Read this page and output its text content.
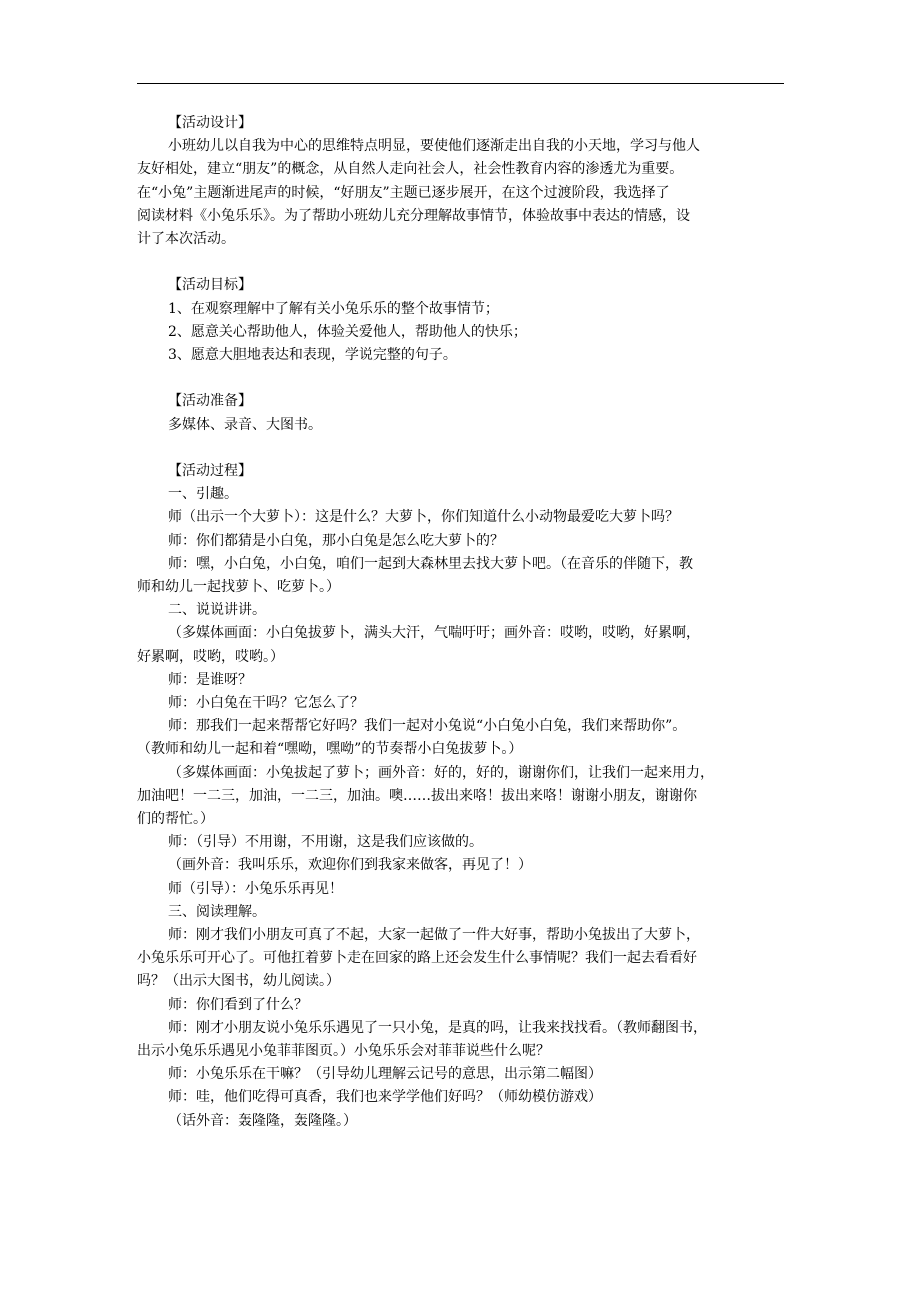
【活动设计】

小班幼儿以自我为中心的思维特点明显，要使他们逐渐走出自我的小天地，学习与他人

友好相处，建立“朋友”的概念，从自然人走向社会人，社会性教育内容的渗透尤为重要。

在“小兔”主题渐进尾声的时候，“好朋友”主题已逐步展开，在这个过渡阶段，我选择了

阅读材料《小兔乐乐》。为了帮助小班幼儿充分理解故事情节，体验故事中表达的情感，设

计了本次活动。

【活动目标】

1、在观察理解中了解有关小兔乐乐的整个故事情节；

2、愿意关心帮助他人，体验关爱他人，帮助他人的快乐；

3、愿意大胆地表达和表现，学说完整的句子。

【活动准备】

多媒体、录音、大图书。

【活动过程】

一、引趣。

师（出示一个大萝卜）：这是什么？大萝卜，你们知道什么小动物最爱吃大萝卜吗？

师：你们都猜是小白兔，那小白兔是怎么吃大萝卜的？

师：嘿，小白兔，小白兔，咱们一起到大森林里去找大萝卜吧。（在音乐的伴随下，教

师和幼儿一起找萝卜、吃萝卜。）

二、说说讲讲。

（多媒体画面：小白兔拔萝卜，满头大汗，气喘吁吁；画外音：哎哟，哎哟，好累啊，

好累啊，哎哟，哎哟。）

师：是谁呀？

师：小白兔在干吗？它怎么了？

师：那我们一起来帮帮它好吗？我们一起对小兔说“小白兔小白兔，我们来帮助你”。

（教师和幼儿一起和着“嘿呦，嘿呦”的节奏帮小白兔拔萝卜。）

（多媒体画面：小兔拔起了萝卜；画外音：好的，好的，谢谢你们，让我们一起来用力，

加油吧！一二三，加油，一二三，加油。噢……拔出来咯！拔出来咯！谢谢小朋友，谢谢你

们的帮忙。）

师：（引导）不用谢，不用谢，这是我们应该做的。

（画外音：我叫乐乐，欢迎你们到我家来做客，再见了！）

师（引导）：小兔乐乐再见！

三、阅读理解。

师：刚才我们小朋友可真了不起，大家一起做了一件大好事，帮助小兔拔出了大萝卜，

小兔乐乐可开心了。可他扛着萝卜走在回家的路上还会发生什么事情呢？我们一起去看看好

吗？（出示大图书，幼儿阅读。）

师：你们看到了什么？

师：刚才小朋友说小兔乐乐遇见了一只小兔，是真的吗，让我来找找看。（教师翻图书，

出示小兔乐乐遇见小兔菲菲图页。）小兔乐乐会对菲菲说些什么呢？

师：小兔乐乐在干嘛？（引导幼儿理解云记号的意思，出示第二幅图）

师：哇，他们吃得可真香，我们也来学学他们好吗？（师幼模仿游戏）

（话外音：轰隆隆，轰隆隆。）
